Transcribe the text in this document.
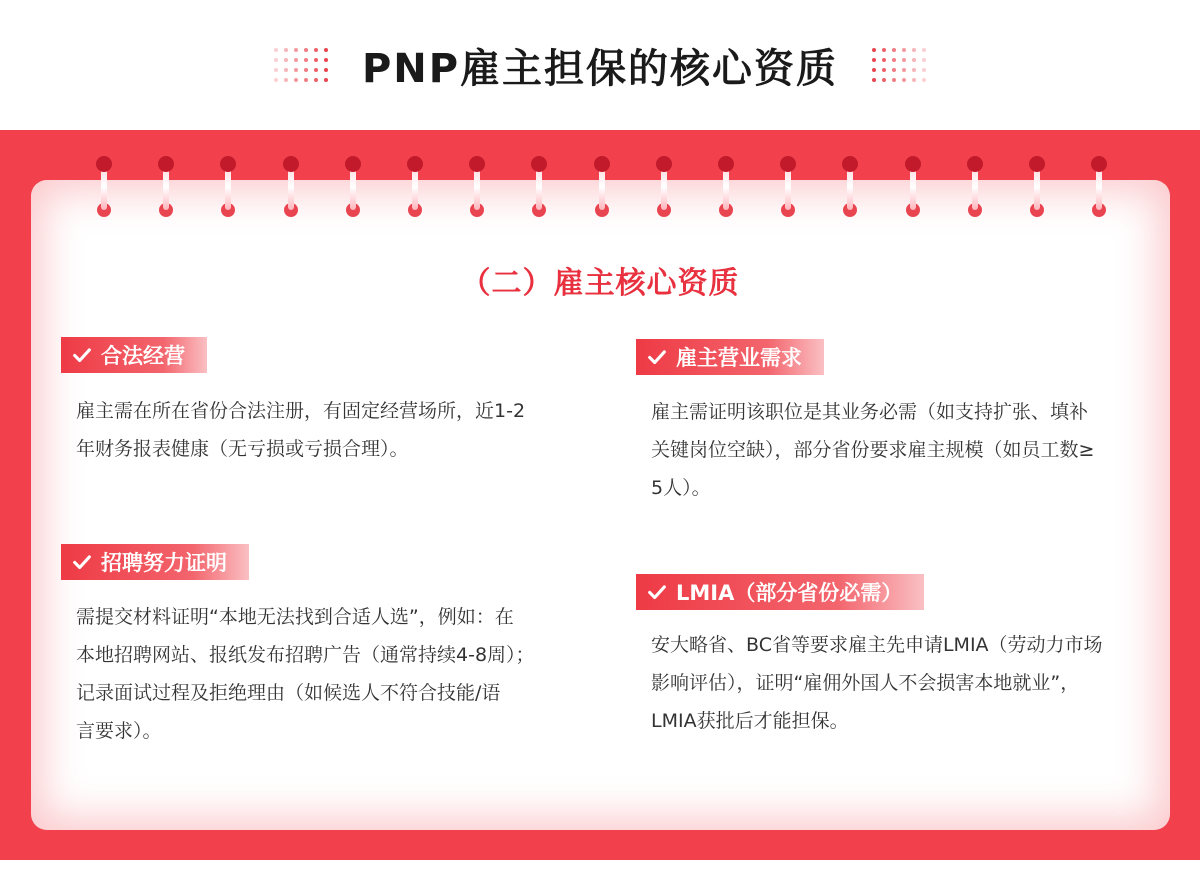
PNP雇主担保的核心资质
（二）雇主核心资质
合法经营
雇主需在所在省份合法注册，有固定经营场所，近1-2
年财务报表健康（无亏损或亏损合理）。
招聘努力证明
需提交材料证明“本地无法找到合适人选”，例如：在
本地招聘网站、报纸发布招聘广告（通常持续4-8周）；
记录面试过程及拒绝理由（如候选人不符合技能/语
言要求）。
雇主营业需求
雇主需证明该职位是其业务必需（如支持扩张、填补
关键岗位空缺），部分省份要求雇主规模（如员工数≥
5人）。
LMIA（部分省份必需）
安大略省、BC省等要求雇主先申请LMIA（劳动力市场
影响评估），证明“雇佣外国人不会损害本地就业”，
LMIA获批后才能担保。
